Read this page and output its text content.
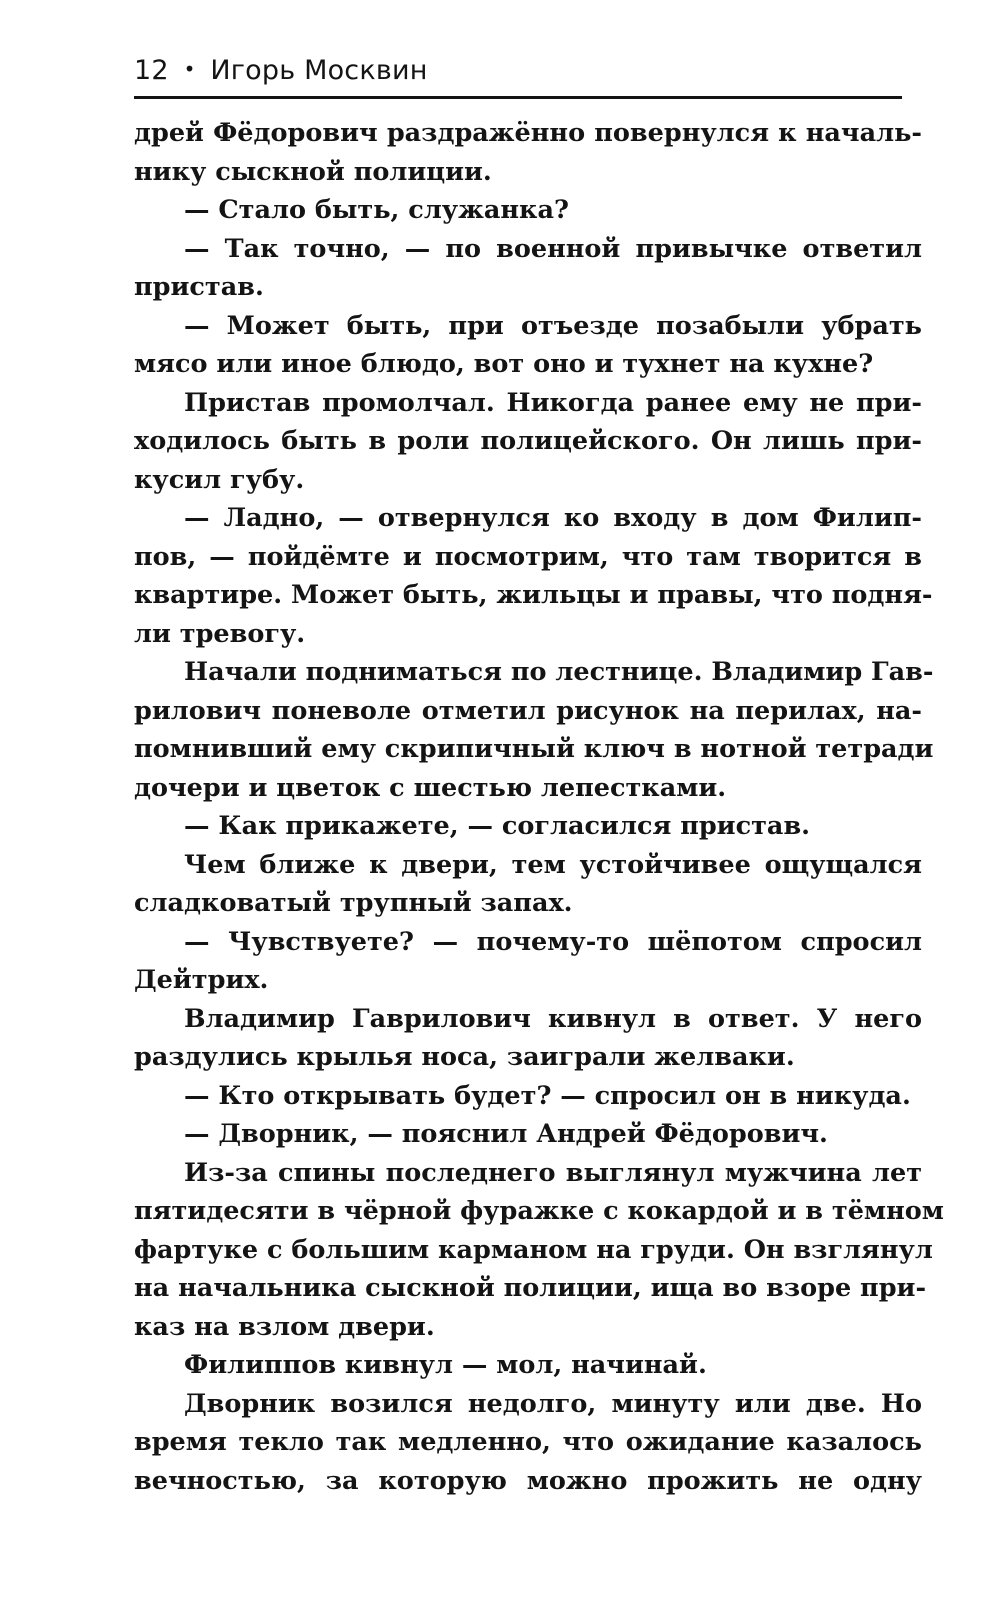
12 • Игорь Москвин
дрей Фёдорович раздражённо повернулся к началь-
нику сыскной полиции.
— Стало быть, служанка?
— Так точно, — по военной привычке ответил
пристав.
— Может быть, при отъезде позабыли убрать
мясо или иное блюдо, вот оно и тухнет на кухне?
Пристав промолчал. Никогда ранее ему не при-
ходилось быть в роли полицейского. Он лишь при-
кусил губу.
— Ладно, — отвернулся ко входу в дом Филип-
пов, — пойдёмте и посмотрим, что там творится в
квартире. Может быть, жильцы и правы, что подня-
ли тревогу.
Начали подниматься по лестнице. Владимир Гав-
рилович поневоле отметил рисунок на перилах, на-
помнивший ему скрипичный ключ в нотной тетради
дочери и цветок с шестью лепестками.
— Как прикажете, — согласился пристав.
Чем ближе к двери, тем устойчивее ощущался
сладковатый трупный запах.
— Чувствуете? — почему-то шёпотом спросил
Дейтрих.
Владимир Гаврилович кивнул в ответ. У него
раздулись крылья носа, заиграли желваки.
— Кто открывать будет? — спросил он в никуда.
— Дворник, — пояснил Андрей Фёдорович.
Из-за спины последнего выглянул мужчина лет
пятидесяти в чёрной фуражке с кокардой и в тёмном
фартуке с большим карманом на груди. Он взглянул
на начальника сыскной полиции, ища во взоре при-
каз на взлом двери.
Филиппов кивнул — мол, начинай.
Дворник возился недолго, минуту или две. Но
время текло так медленно, что ожидание казалось
вечностью, за которую можно прожить не одну
